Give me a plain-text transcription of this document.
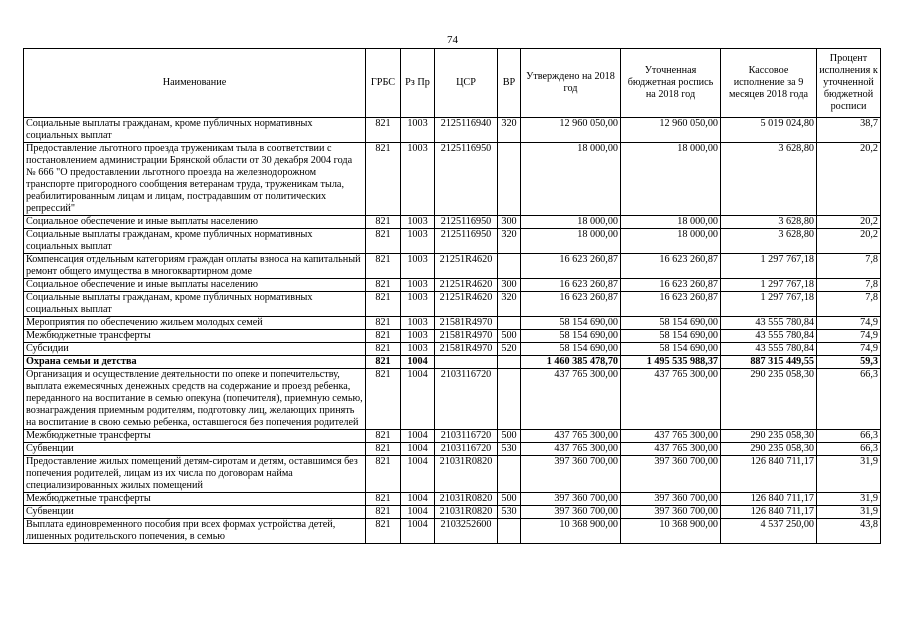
74
Наименование	ГРБС	Рз Пр	ЦСР	ВР	Утверждено на 2018 год	Уточненная бюджетная роспись на 2018 год	Кассовое исполнение за 9 месяцев 2018 года	Процент исполнения к уточненной бюджетной росписи
Социальные выплаты гражданам, кроме публичных нормативных социальных выплат	821	1003	2125116940	320	12 960 050,00	12 960 050,00	5 019 024,80	38,7
Предоставление льготного проезда труженикам тыла в соответствии с постановлением администрации Брянской области от 30 декабря 2004 года № 666 "О предоставлении льготного проезда на железнодорожном транспорте пригородного сообщения ветеранам труда, труженикам тыла, реабилитированным лицам и лицам, пострадавшим от политических репрессий"	821	1003	2125116950		18 000,00	18 000,00	3 628,80	20,2
Социальное обеспечение и иные выплаты населению	821	1003	2125116950	300	18 000,00	18 000,00	3 628,80	20,2
Социальные выплаты гражданам, кроме публичных нормативных социальных выплат	821	1003	2125116950	320	18 000,00	18 000,00	3 628,80	20,2
Компенсация отдельным категориям граждан оплаты взноса на капитальный ремонт общего имущества в многоквартирном доме	821	1003	21251R4620		16 623 260,87	16 623 260,87	1 297 767,18	7,8
Социальное обеспечение и иные выплаты населению	821	1003	21251R4620	300	16 623 260,87	16 623 260,87	1 297 767,18	7,8
Социальные выплаты гражданам, кроме публичных нормативных социальных выплат	821	1003	21251R4620	320	16 623 260,87	16 623 260,87	1 297 767,18	7,8
Мероприятия по обеспечению жильем молодых семей	821	1003	21581R4970		58 154 690,00	58 154 690,00	43 555 780,84	74,9
Межбюджетные трансферты	821	1003	21581R4970	500	58 154 690,00	58 154 690,00	43 555 780,84	74,9
Субсидии	821	1003	21581R4970	520	58 154 690,00	58 154 690,00	43 555 780,84	74,9
Охрана семьи и детства	821	1004			1 460 385 478,70	1 495 535 988,37	887 315 449,55	59,3
Организация и осуществление деятельности по опеке и попечительству, выплата ежемесячных денежных средств на содержание и проезд ребенка, переданного на воспитание в семью опекуна (попечителя), приемную семью, вознаграждения приемным родителям, подготовку лиц, желающих принять на воспитание в свою семью ребенка, оставшегося без попечения родителей	821	1004	2103116720		437 765 300,00	437 765 300,00	290 235 058,30	66,3
Межбюджетные трансферты	821	1004	2103116720	500	437 765 300,00	437 765 300,00	290 235 058,30	66,3
Субвенции	821	1004	2103116720	530	437 765 300,00	437 765 300,00	290 235 058,30	66,3
Предоставление жилых помещений детям-сиротам и детям, оставшимся без попечения родителей, лицам из их числа по договорам найма специализированных жилых помещений	821	1004	21031R0820		397 360 700,00	397 360 700,00	126 840 711,17	31,9
Межбюджетные трансферты	821	1004	21031R0820	500	397 360 700,00	397 360 700,00	126 840 711,17	31,9
Субвенции	821	1004	21031R0820	530	397 360 700,00	397 360 700,00	126 840 711,17	31,9
Выплата единовременного пособия при всех формах устройства детей, лишенных родительского попечения, в семью	821	1004	2103252600		10 368 900,00	10 368 900,00	4 537 250,00	43,8
